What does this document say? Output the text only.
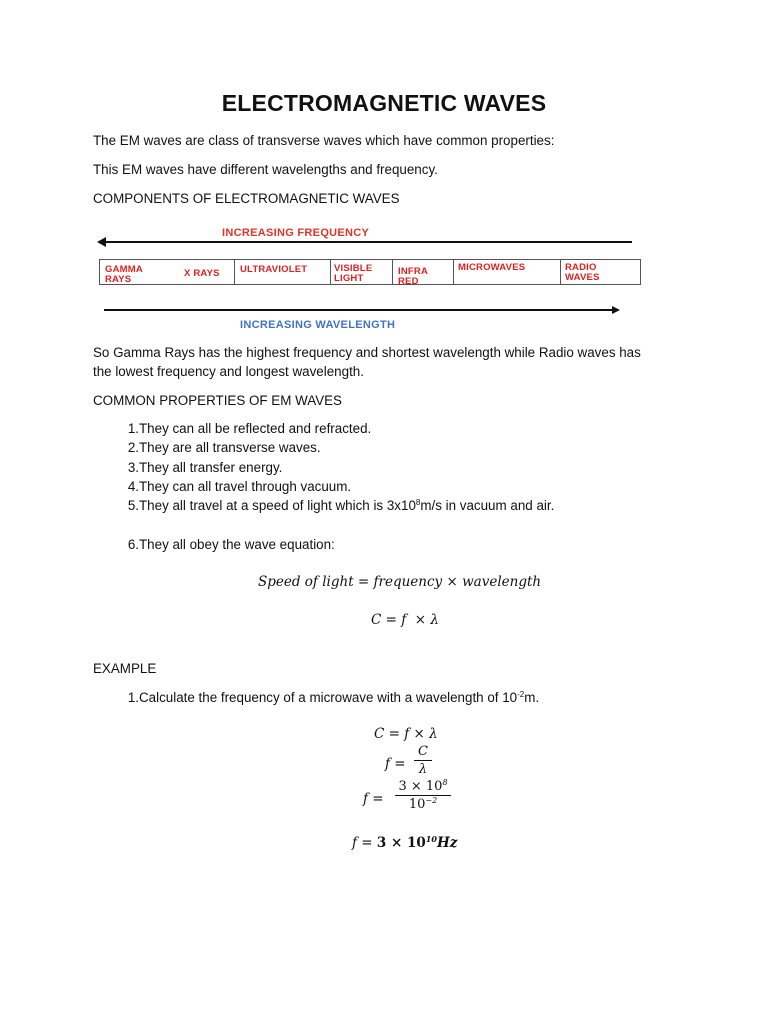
ELECTROMAGNETIC WAVES
The EM waves are class of transverse waves which have common properties:
This EM waves have different wavelengths and frequency.
COMPONENTS OF ELECTROMAGNETIC WAVES
INCREASING FREQUENCY
GAMMA
RAYS
X RAYS ULTRAVIOLET	VISIBLE
LIGHT
INFRA
RED
MICROWAVES	RADIO
WAVES
INCREASING WAVELENGTH
So Gamma Rays has the highest frequency and shortest wavelength while Radio waves has
the lowest frequency and longest wavelength.
COMMON PROPERTIES OF EM WAVES
1. They can all be reflected and refracted.
2. They are all transverse waves.
3. They all transfer energy.
4. They can all travel through vacuum.
5. They all travel at a speed of light which is $3x10^8m/s$ in vacuum and air.
6. They all obey the wave equation:
Speed of light = frequency × wavelength
C = f  × λ
EXAMPLE
1. Calculate the frequency of a microwave with a wavelength of $10^{-2}m$.
C = f × λ
f =
C
λ
f =
$3 \times 10^8$
$10^{-2}$
$f = 3 \times 10^{10}Hz$
